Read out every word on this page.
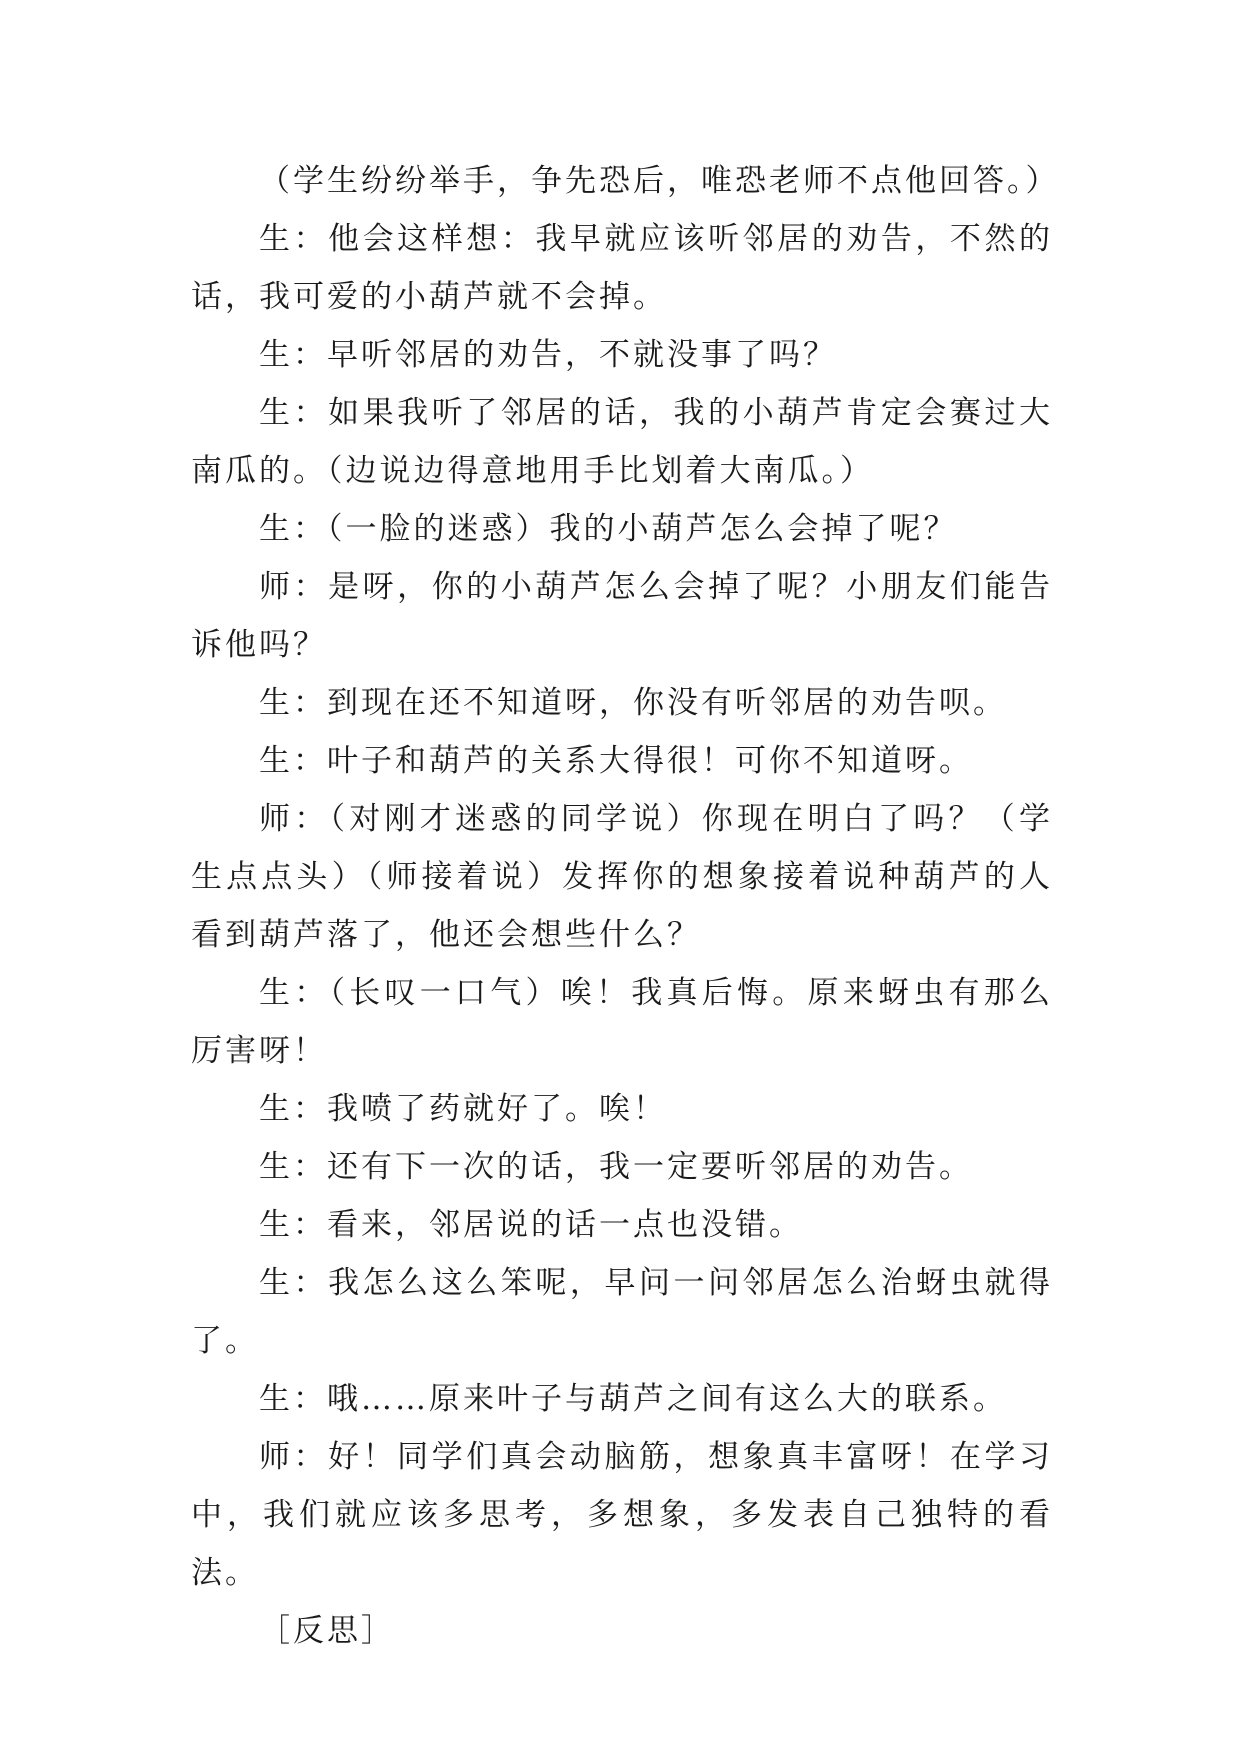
（学生纷纷举手，争先恐后，唯恐老师不点他回答。）

生：他会这样想：我早就应该听邻居的劝告，不然的话，我可爱的小葫芦就不会掉。

生：早听邻居的劝告，不就没事了吗？

生：如果我听了邻居的话，我的小葫芦肯定会赛过大南瓜的。（边说边得意地用手比划着大南瓜。）

生：（一脸的迷惑）我的小葫芦怎么会掉了呢？

师：是呀，你的小葫芦怎么会掉了呢？小朋友们能告诉他吗？

生：到现在还不知道呀，你没有听邻居的劝告呗。

生：叶子和葫芦的关系大得很！可你不知道呀。

师：（对刚才迷惑的同学说）你现在明白了吗？（学生点点头）（师接着说）发挥你的想象接着说种葫芦的人看到葫芦落了，他还会想些什么？

生：（长叹一口气）唉！我真后悔。原来蚜虫有那么厉害呀！

生：我喷了药就好了。唉！

生：还有下一次的话，我一定要听邻居的劝告。

生：看来，邻居说的话一点也没错。

生：我怎么这么笨呢，早问一问邻居怎么治蚜虫就得了。

生：哦……原来叶子与葫芦之间有这么大的联系。

师：好！同学们真会动脑筋，想象真丰富呀！在学习中，我们就应该多思考，多想象，多发表自己独特的看法。

［反思］
